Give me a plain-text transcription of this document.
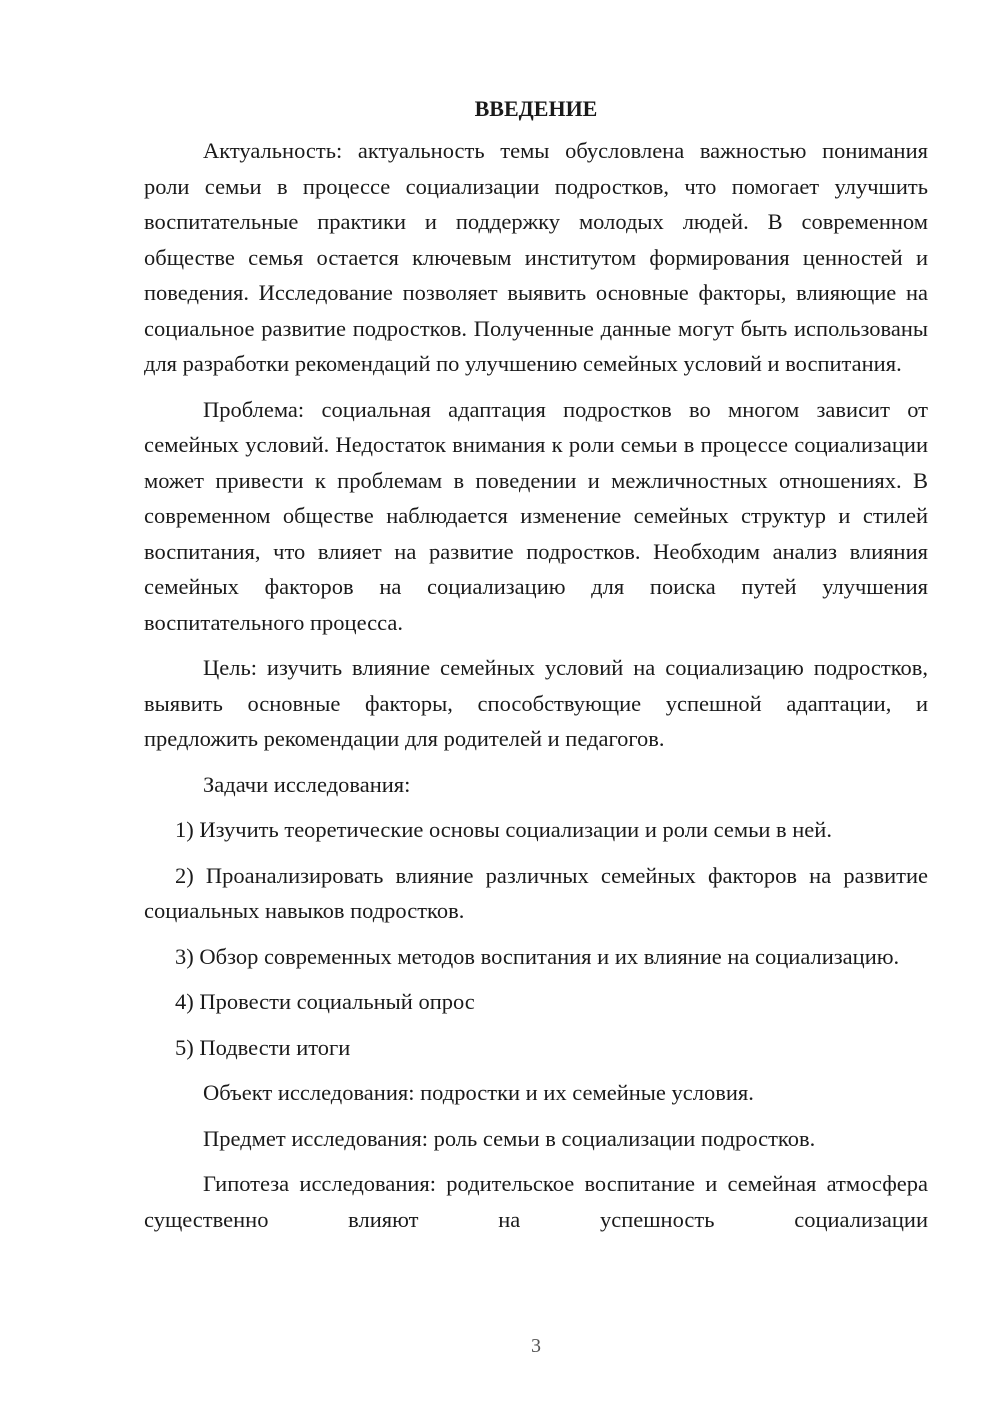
ВВЕДЕНИЕ

Актуальность: актуальность темы обусловлена важностью понимания роли семьи в процессе социализации подростков, что помогает улучшить воспитательные практики и поддержку молодых людей. В современном обществе семья остается ключевым институтом формирования ценностей и поведения. Исследование позволяет выявить основные факторы, влияющие на социальное развитие подростков. Полученные данные могут быть использованы для разработки рекомендаций по улучшению семейных условий и воспитания.

Проблема: социальная адаптация подростков во многом зависит от семейных условий. Недостаток внимания к роли семьи в процессе социализации может привести к проблемам в поведении и межличностных отношениях. В современном обществе наблюдается изменение семейных структур и стилей воспитания, что влияет на развитие подростков. Необходим анализ влияния семейных факторов на социализацию для поиска путей улучшения воспитательного процесса.

Цель: изучить влияние семейных условий на социализацию подростков, выявить основные факторы, способствующие успешной адаптации, и предложить рекомендации для родителей и педагогов.

Задачи исследования:

1) Изучить теоретические основы социализации и роли семьи в ней.

2) Проанализировать влияние различных семейных факторов на развитие социальных навыков подростков.

3) Обзор современных методов воспитания и их влияние на социализацию.

4) Провести социальный опрос

5) Подвести итоги

Объект исследования: подростки и их семейные условия.

Предмет исследования: роль семьи в социализации подростков.

Гипотеза исследования: родительское воспитание и семейная атмосфера существенно влияют на успешность социализации

3
